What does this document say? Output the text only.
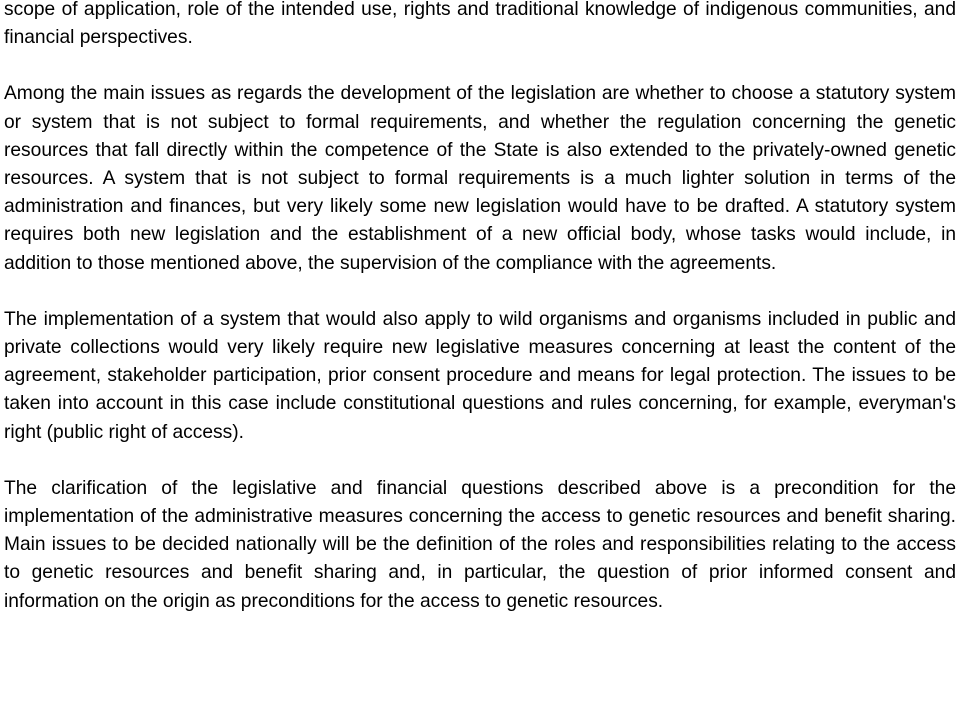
scope of application, role of the intended use, rights and traditional knowledge of indigenous communities, and financial perspectives.

Among the main issues as regards the development of the legislation are whether to choose a statutory system or system that is not subject to formal requirements, and whether the regulation concerning the genetic resources that fall directly within the competence of the State is also extended to the privately-owned genetic resources. A system that is not subject to formal requirements is a much lighter solution in terms of the administration and finances, but very likely some new legislation would have to be drafted. A statutory system requires both new legislation and the establishment of a new official body, whose tasks would include, in addition to those mentioned above, the supervision of the compliance with the agreements.

The implementation of a system that would also apply to wild organisms and organisms included in public and private collections would very likely require new legislative measures concerning at least the content of the agreement, stakeholder participation, prior consent procedure and means for legal protection. The issues to be taken into account in this case include constitutional questions and rules concerning, for example, everyman's right (public right of access).

The clarification of the legislative and financial questions described above is a precondition for the implementation of the administrative measures concerning the access to genetic resources and benefit sharing. Main issues to be decided nationally will be the definition of the roles and responsibilities relating to the access to genetic resources and benefit sharing and, in particular, the question of prior informed consent and information on the origin as preconditions for the access to genetic resources.
